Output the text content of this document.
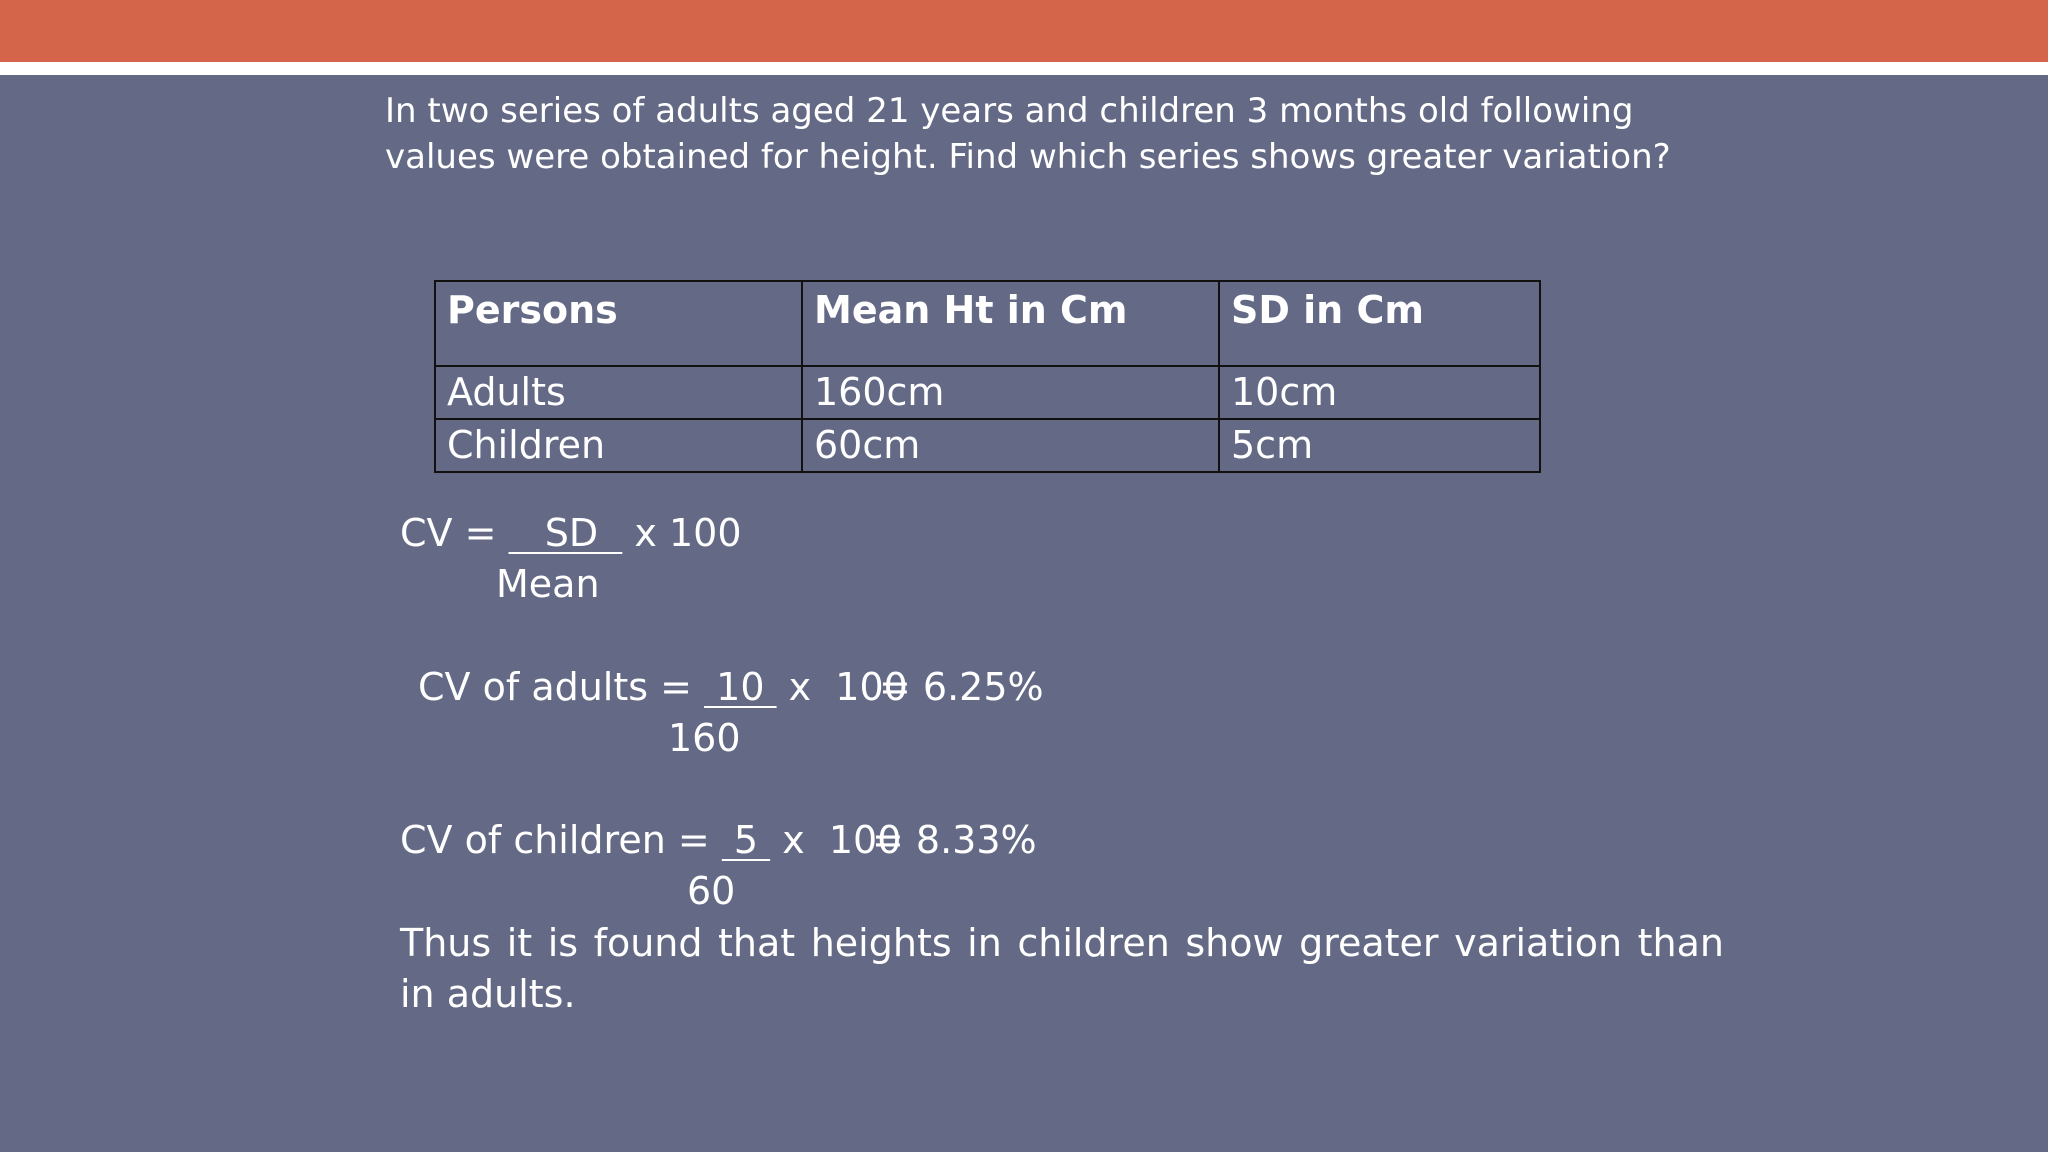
In two series of adults aged 21 years and children 3 months old following values were obtained for height. Find which series shows greater variation?

Persons	Mean Ht in Cm	SD in Cm
Adults	160cm	10cm
Children	60cm	5cm
CV =    SD   x 100
Mean
CV of adults =  10  x  100
= 6.25%
160
CV of children =  5  x  100
= 8.33%
60

Thus it is found that heights in children show greater variation than in adults.
